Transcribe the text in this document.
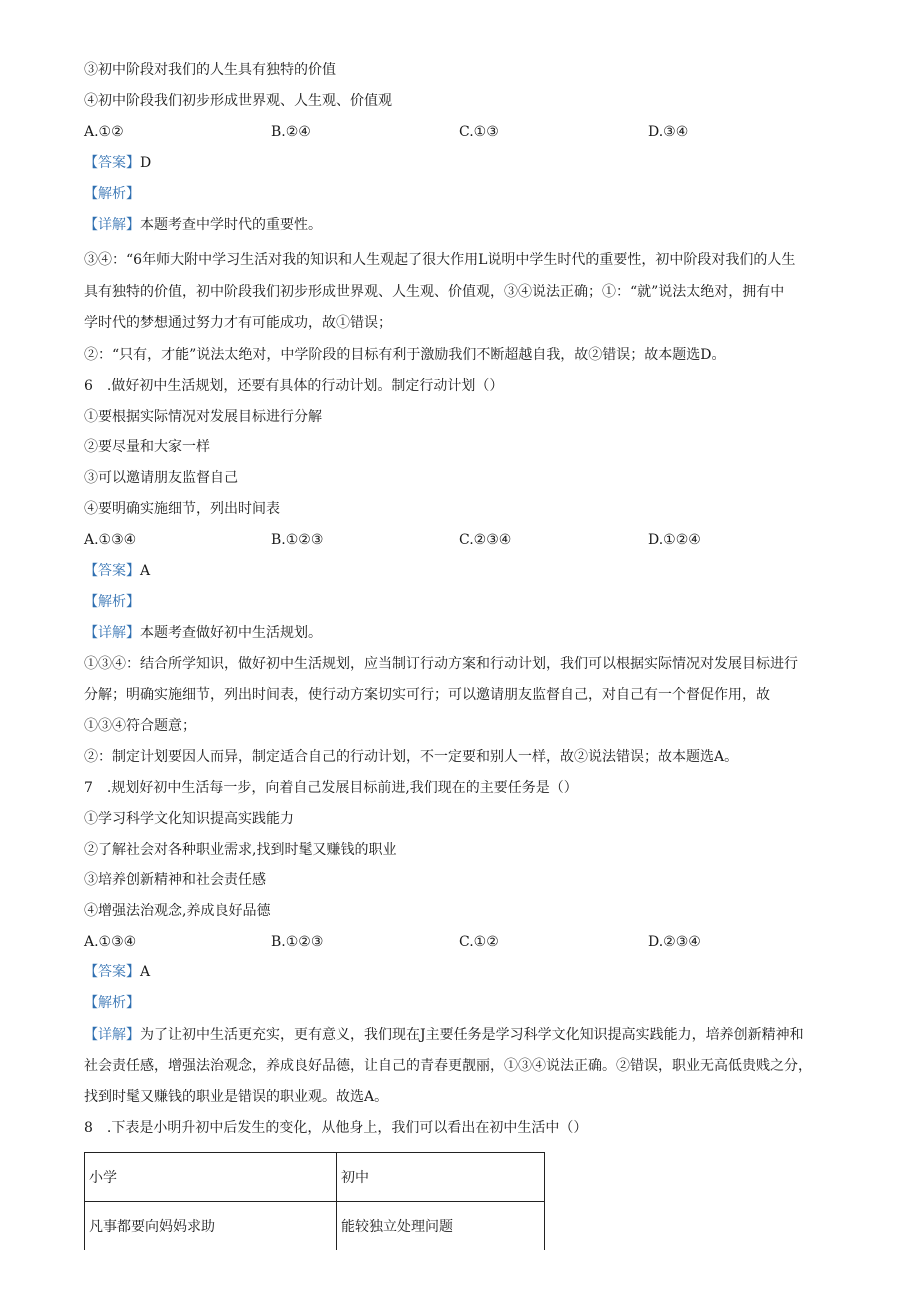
③初中阶段对我们的人生具有独特的价值
④初中阶段我们初步形成世界观、人生观、价值观
A.①②	B.②④	C.①③	D.③④
【答案】D
【解析】
【详解】本题考查中学时代的重要性。
③④：“6年师大附中学习生活对我的知识和人生观起了很大作用L说明中学生时代的重要性，初中阶段对我们的人生
具有独特的价值，初中阶段我们初步形成世界观、人生观、价值观，③④说法正确；①：“就”说法太绝对，拥有中
学时代的梦想通过努力才有可能成功，故①错误；
②：“只有，才能”说法太绝对，中学阶段的目标有利于激励我们不断超越自我，故②错误；故本题选D。
6　.做好初中生活规划，还要有具体的行动计划。制定行动计划（）
①要根据实际情况对发展目标进行分解
②要尽量和大家一样
③可以邀请朋友监督自己
④要明确实施细节，列出时间表
A.①③④	B.①②③	C.②③④	D.①②④
【答案】A
【解析】
【详解】本题考查做好初中生活规划。
①③④：结合所学知识，做好初中生活规划，应当制订行动方案和行动计划，我们可以根据实际情况对发展目标进行
分解；明确实施细节，列出时间表，使行动方案切实可行；可以邀请朋友监督自己，对自己有一个督促作用，故
①③④符合题意；
②：制定计划要因人而异，制定适合自己的行动计划，不一定要和别人一样，故②说法错误；故本题选A。
7　.规划好初中生活每一步，向着自己发展目标前进,我们现在的主要任务是（）
①学习科学文化知识提高实践能力
②了解社会对各种职业需求,找到时髦又赚钱的职业
③培养创新精神和社会责任感
④增强法治观念,养成良好品德
A.①③④	B.①②③	C.①②	D.②③④
【答案】A
【解析】
【详解】为了让初中生活更充实，更有意义，我们现在J主要任务是学习科学文化知识提高实践能力，培养创新精神和
社会责任感，增强法治观念，养成良好品德，让自己的青春更靓丽，①③④说法正确。②错误，职业无高低贵贱之分，
找到时髦又赚钱的职业是错误的职业观。故选A。
8　.下表是小明升初中后发生的变化，从他身上，我们可以看出在初中生活中（）
小学	初中
凡事都要向妈妈求助	能较独立处理问题
